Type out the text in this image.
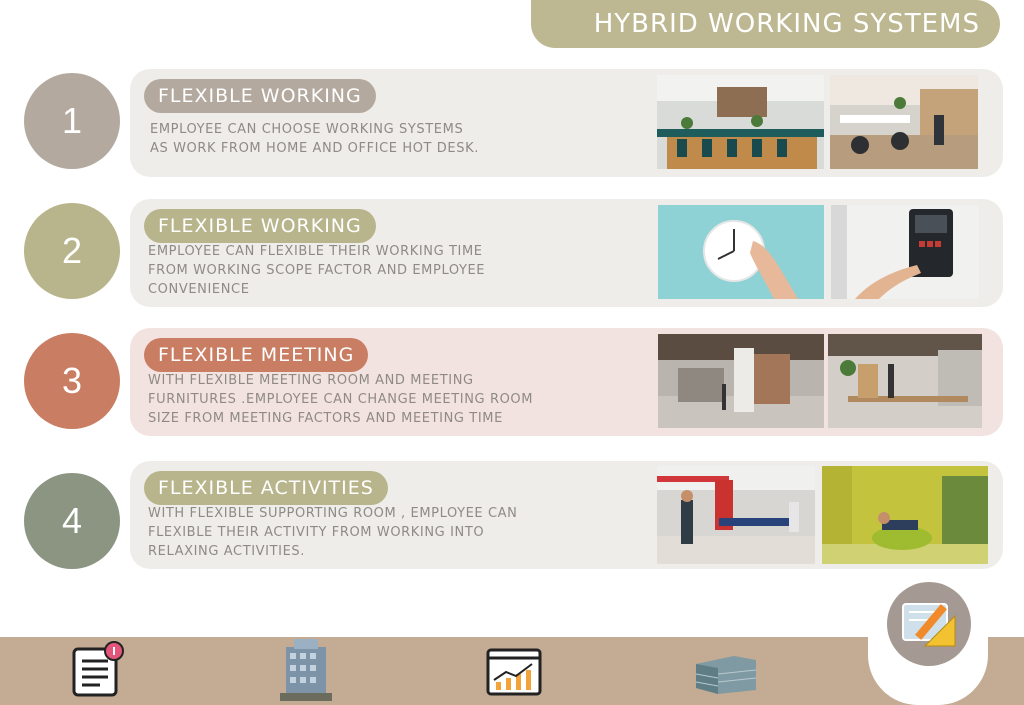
HYBRID WORKING SYSTEMS
1
FLEXIBLE WORKING
EMPLOYEE CAN CHOOSE WORKING SYSTEMS
AS WORK FROM HOME AND OFFICE HOT DESK.
2
FLEXIBLE WORKING
EMPLOYEE CAN FLEXIBLE THEIR WORKING TIME
FROM WORKING SCOPE FACTOR AND EMPLOYEE
CONVENIENCE
3
FLEXIBLE MEETING
WITH FLEXIBLE MEETING ROOM AND MEETING
FURNITURES .EMPLOYEE CAN CHANGE MEETING ROOM
SIZE FROM MEETING FACTORS AND MEETING TIME
4
FLEXIBLE ACTIVITIES
WITH FLEXIBLE SUPPORTING ROOM , EMPLOYEE CAN
FLEXIBLE THEIR ACTIVITY FROM WORKING INTO
RELAXING ACTIVITIES.
DESIGN
